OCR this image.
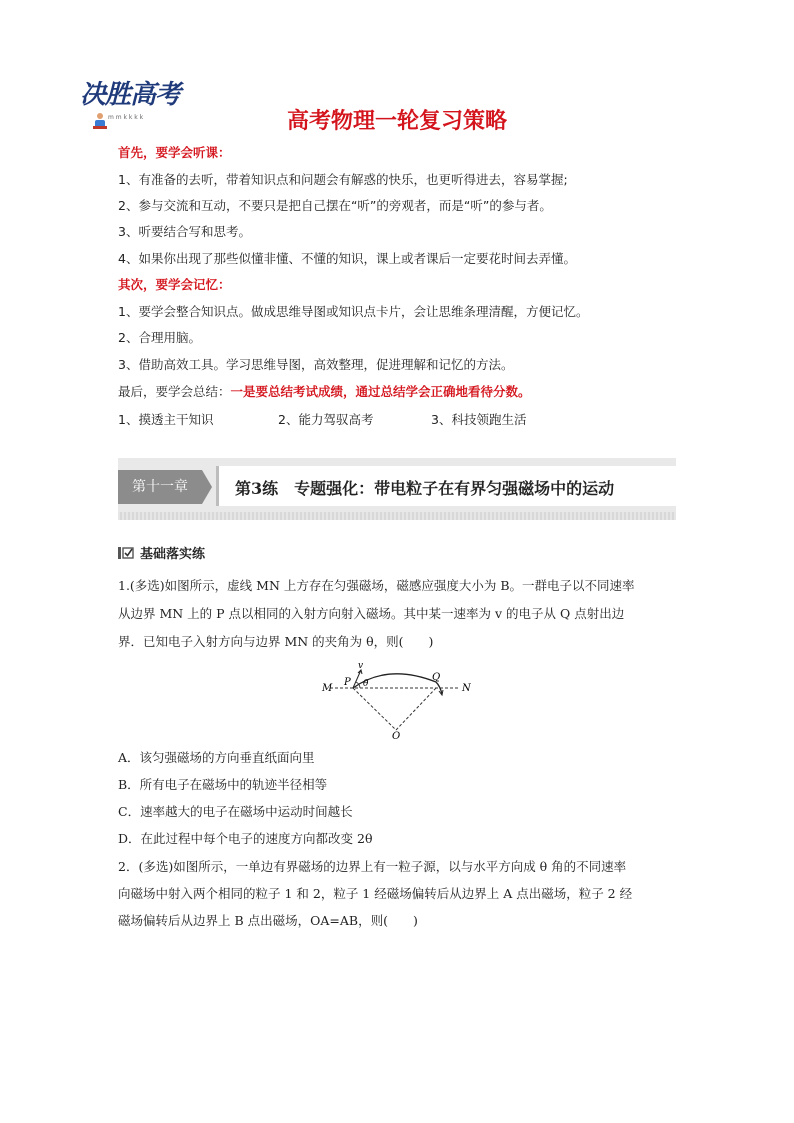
决胜高考
m m k k k k	高考物理一轮复习策略
首先，要学会听课：
1、有准备的去听，带着知识点和问题会有解惑的快乐，也更听得进去，容易掌握;
2、参与交流和互动，不要只是把自己摆在“听”的旁观者，而是“听”的参与者。
3、听要结合写和思考。
4、如果你出现了那些似懂非懂、不懂的知识，课上或者课后一定要花时间去弄懂。
其次，要学会记忆：
1、要学会整合知识点。做成思维导图或知识点卡片，会让思维条理清醒，方便记忆。
2、合理用脑。
3、借助高效工具。学习思维导图，高效整理，促进理解和记忆的方法。
最后，要学会总结：一是要总结考试成绩，通过总结学会正确地看待分数。
1、摸透主干知识	2、能力驾驭高考	3、科技领跑生活
第十一章	第3练　专题强化：带电粒子在有界匀强磁场中的运动
基础落实练
1.(多选)如图所示，虚线 MN 上方存在匀强磁场，磁感应强度大小为 B。一群电子以不同速率
从边界 MN 上的 P 点以相同的入射方向射入磁场。其中某一速率为 v 的电子从 Q 点射出边
界．已知电子入射方向与边界 MN 的夹角为 θ，则(　　)
M	N
P	Q
O
v
θ
A．该匀强磁场的方向垂直纸面向里
B．所有电子在磁场中的轨迹半径相等
C．速率越大的电子在磁场中运动时间越长
D．在此过程中每个电子的速度方向都改变 2θ
2．(多选)如图所示，一单边有界磁场的边界上有一粒子源，以与水平方向成 θ 角的不同速率
向磁场中射入两个相同的粒子 1 和 2，粒子 1 经磁场偏转后从边界上 A 点出磁场，粒子 2 经
磁场偏转后从边界上 B 点出磁场，OA=AB，则(　　)
